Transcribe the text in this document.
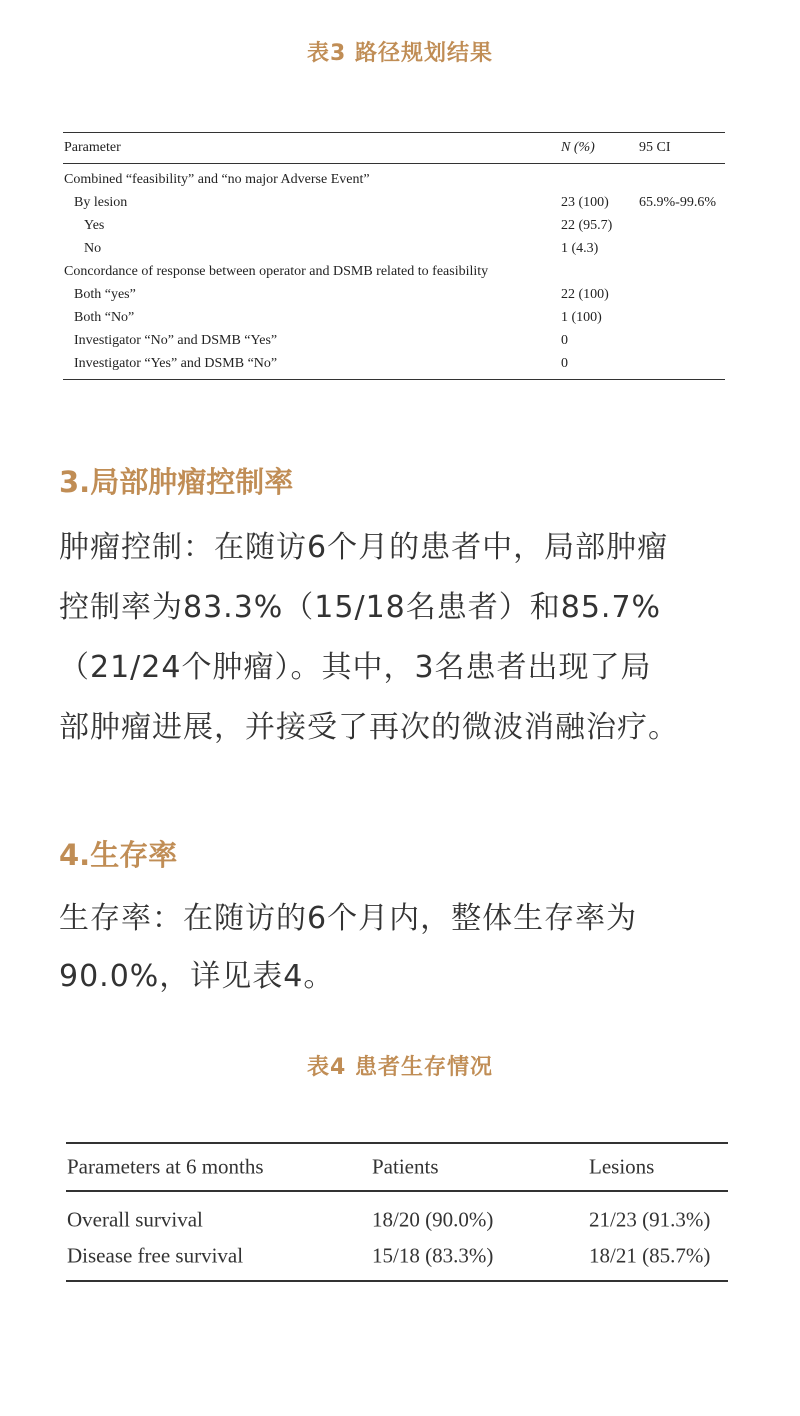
表3 路径规划结果
Parameter	N (%)	95 CI
Combined “feasibility” and “no major Adverse Event”
By lesion	23 (100) 65.9%-99.6%
Yes	22 (95.7)
No	1 (4.3)
Concordance of response between operator and DSMB related to feasibility
Both “yes”	22 (100)
Both “No”	1 (100)
Investigator “No” and DSMB “Yes”	0
Investigator “Yes” and DSMB “No”	0
3.局部肿瘤控制率
肿瘤控制：在随访6个月的患者中，局部肿瘤
控制率为83.3%（15/18名患者）和85.7%
（21/24个肿瘤）。其中，3名患者出现了局
部肿瘤进展，并接受了再次的微波消融治疗。
4.生存率
生存率：在随访的6个月内，整体生存率为
90.0%，详见表4。
表4 患者生存情况
Parameters at 6 months	Patients	Lesions
Overall survival	18/20 (90.0%)	21/23 (91.3%)
Disease free survival	15/18 (83.3%)	18/21 (85.7%)
